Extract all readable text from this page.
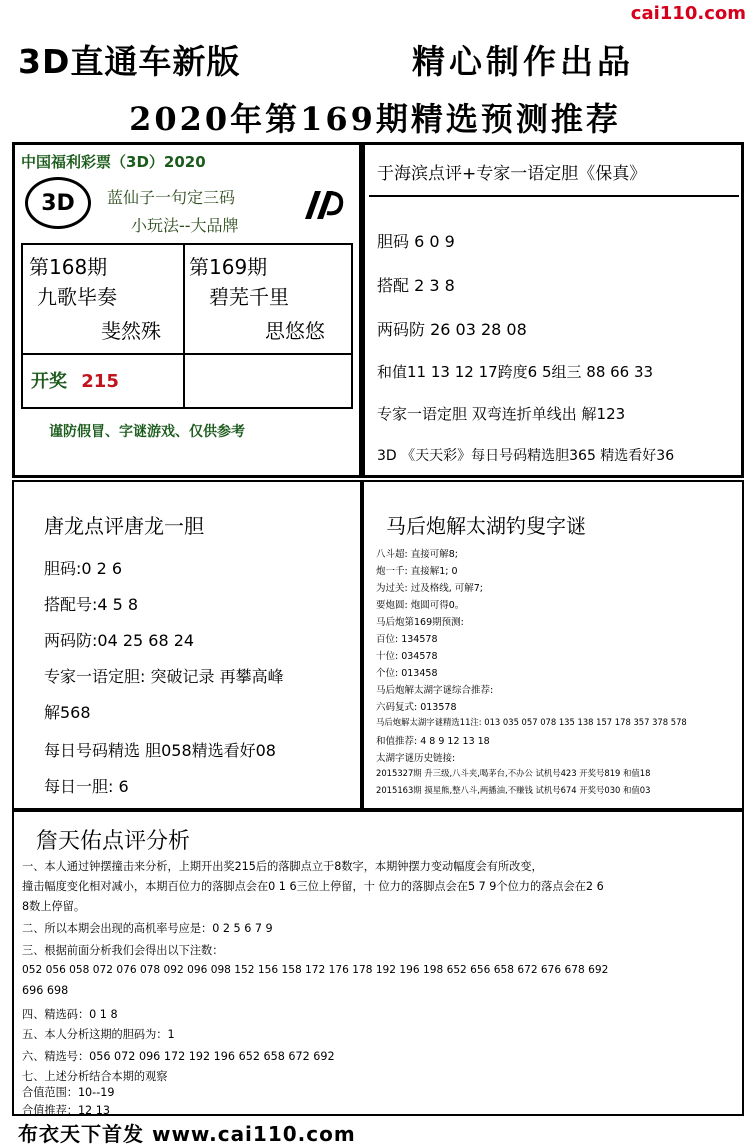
cai110.com
3D直通车新版	精心制作出品
2020年第169期精选预测推荐
中国福利彩票（3D）2020
3D 蓝仙子一句定三码
小玩法--大品牌
第168期
九歌毕奏
斐然殊
第169期
碧芜千里
思悠悠
开奖 215
谨防假冒、字谜游戏、仅供参考
于海滨点评+专家一语定胆《保真》
胆码 6 0 9
搭配 2 3 8
两码防 26 03 28 08
和值11 13 12 17跨度6 5组三 88 66 33
专家一语定胆 双弯连折单线出 解123
3D 《天天彩》每日号码精选胆365 精选看好36
唐龙点评唐龙一胆
胆码:0 2 6
搭配号:4 5 8
两码防:04 25 68 24
专家一语定胆: 突破记录 再攀高峰
解568
每日号码精选 胆058精选看好08
每日一胆: 6
马后炮解太湖钓叟字谜
八斗超: 直接可解8;
炮一千: 直接解1; 0
为过关: 过及格线, 可解7;
要炮圆: 炮圆可得0。
马后炮第169期预测:
百位: 134578
十位: 034578
个位: 013458
马后炮解太湖字谜综合推荐:
六码复式: 013578
马后炮解太湖字谜精选11注: 013 035 057 078 135 138 157 178 357 378 578
和值推荐: 4 8 9 12 13 18
太湖字谜历史链接:
2015327期 升三级,八斗夹,喝茅台,不办公 试机号423 开奖号819 和值18
2015163期 摸星熊,整八斗,两播油,不赚钱 试机号674 开奖号030 和值03
詹天佑点评分析
一、本人通过钟摆撞击来分析，上期开出奖215后的落脚点立于8数字，本期钟摆力变动幅度会有所改变，
撞击幅度变化相对减小，本期百位力的落脚点会在0 1 6三位上停留，十 位力的落脚点会在5 7 9个位力的落点会在2 6
8数上停留。
二、所以本期会出现的高机率号应是：0 2 5 6 7 9
三、根据前面分析我们会得出以下注数：
052 056 058 072 076 078 092 096 098 152 156 158 172 176 178 192 196 198 652 656 658 672 676 678 692
696 698
四、精选码：0 1 8
五、本人分析这期的胆码为：1
六、精选号：056 072 096 172 192 196 652 658 672 692
七、上述分析结合本期的观察
合值范围：10--19
合值推荐：12 13
布衣天下首发 www.cai110.com
